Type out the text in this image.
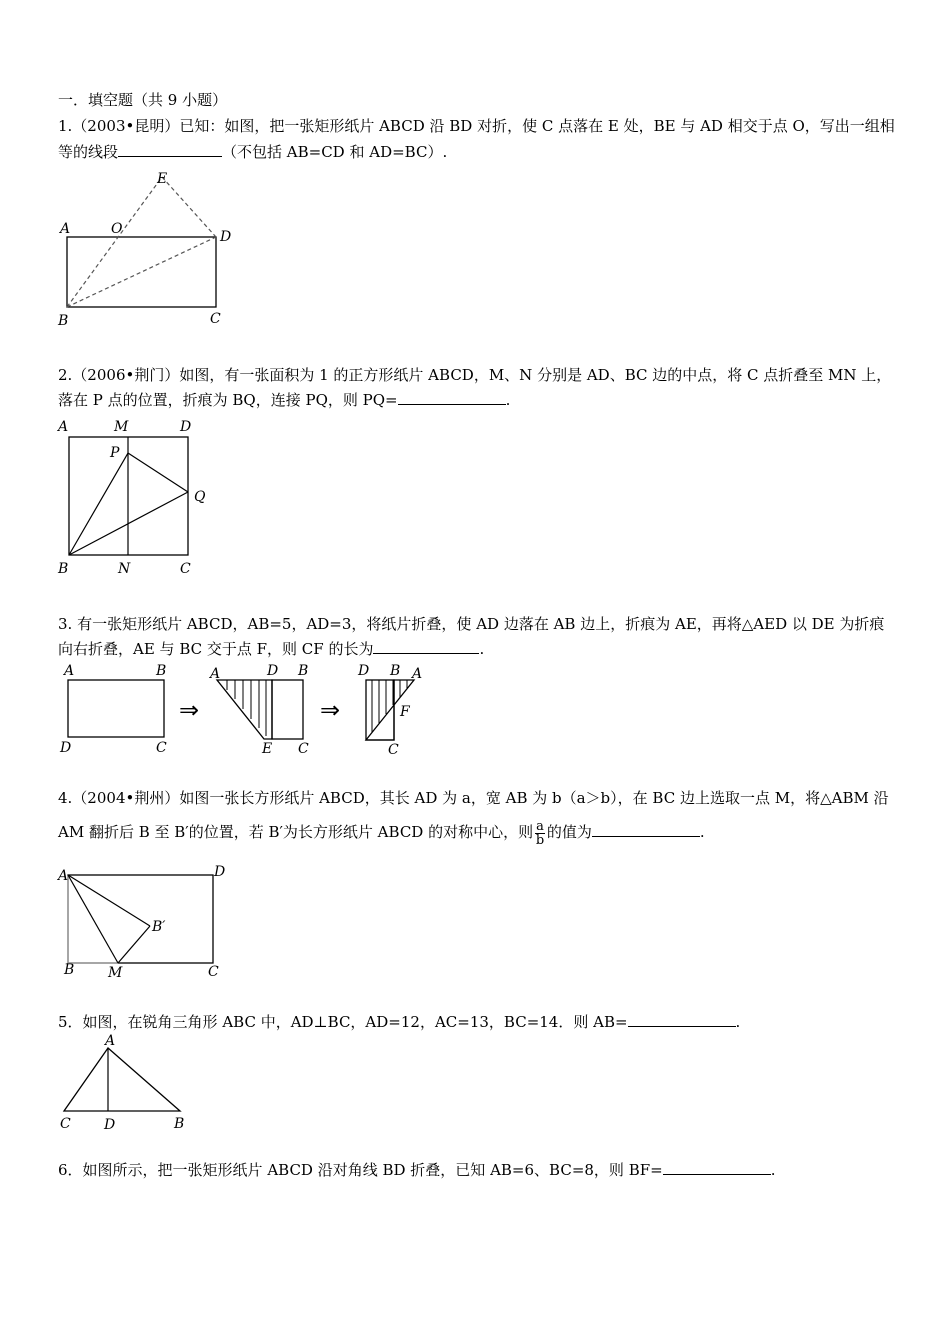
一．填空题（共 9 小题）
1.（2003•昆明）已知：如图，把一张矩形纸片 ABCD 沿 BD 对折，使 C 点落在 E 处，BE 与 AD 相交于点 O，写出一组相
等的线段	（不包括 AB=CD 和 AD=BC）.
A	O
E
D
B	C
2.（2006•荆门）如图，有一张面积为 1 的正方形纸片 ABCD，M、N 分别是 AD、BC 边的中点，将 C 点折叠至 MN 上，
落在 P 点的位置，折痕为 BQ，连接 PQ，则 PQ=	.
A	M	D
P
Q
B	N	C
3. 有一张矩形纸片 ABCD，AB=5，AD=3，将纸片折叠，使 AD 边落在 AB 边上，折痕为 AE，再将△AED 以 DE 为折痕
向右折叠，AE 与 BC 交于点 F，则 CF 的长为	.
A	B
D	C
⇒
A	D B
E C
⇒
D B A
F
C
4.（2004•荆州）如图一张长方形纸片 ABCD，其长 AD 为 a，宽 AB 为 b（a＞b），在 BC 边上选取一点 M，将△ABM 沿
AM 翻折后 B 至 B′的位置，若 B′为长方形纸片 ABCD 的对称中心，则 $\frac{a}{b}$ 的值为	.
A	D
B′
B M	C
5．如图，在锐角三角形 ABC 中，AD⊥BC，AD=12，AC=13，BC=14．则 AB=	.
A
C D	B
6．如图所示，把一张矩形纸片 ABCD 沿对角线 BD 折叠，已知 AB=6、BC=8，则 BF=	.
